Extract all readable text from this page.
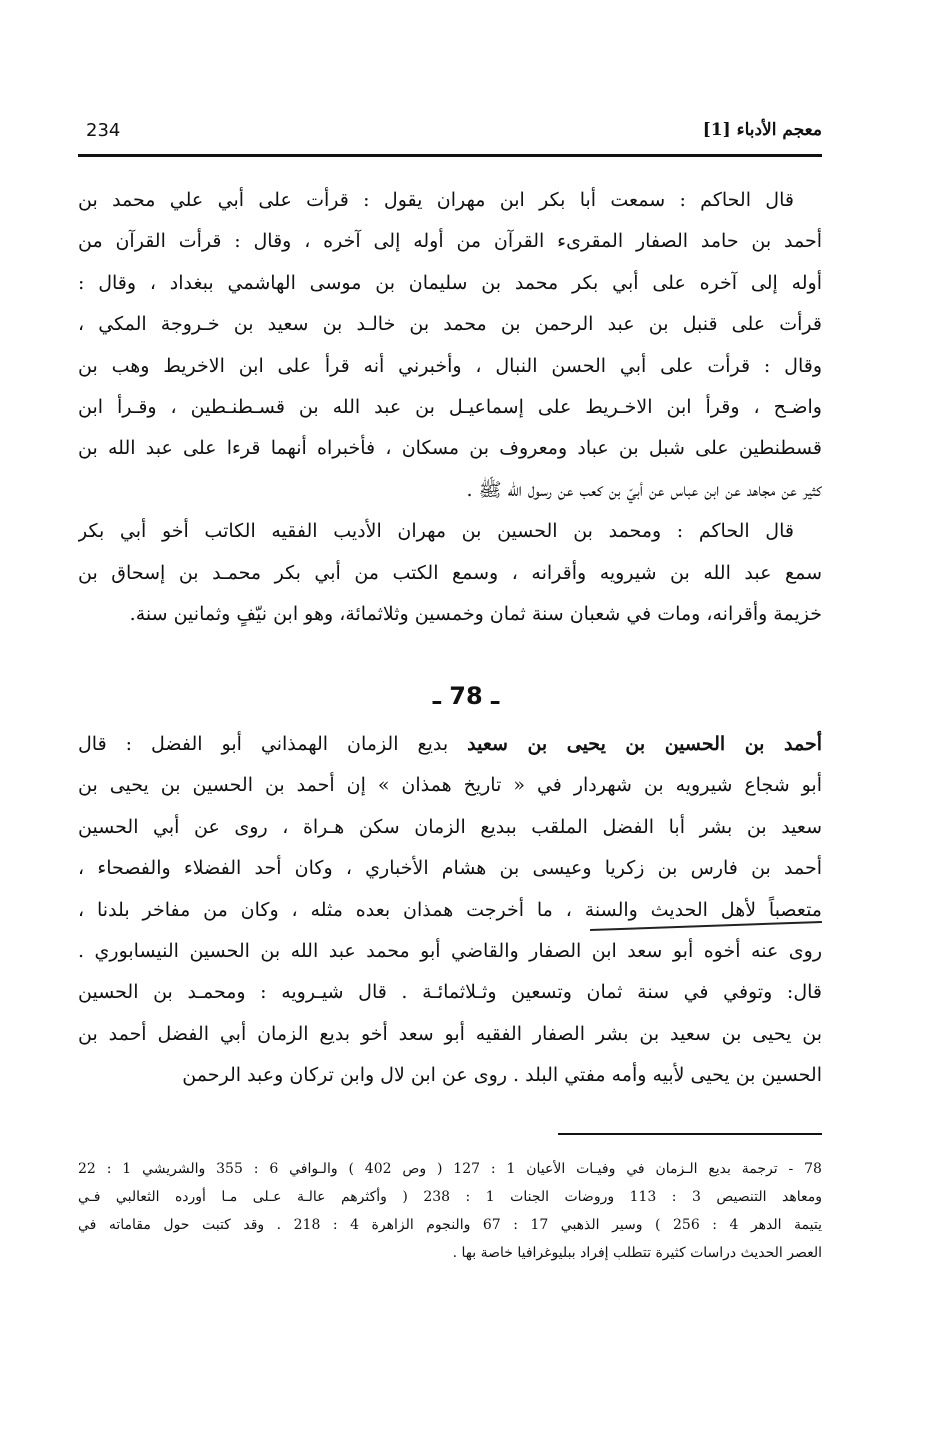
معجم الأدباء [1]
234
قال الحاكم : سمعت أبا بكر ابن مهران يقول : قرأت على أبي علي محمد بن
أحمد بن حامد الصفار المقرىء القرآن من أوله إلى آخره ، وقال : قرأت القرآن من
أوله إلى آخره على أبي بكر محمد بن سليمان بن موسى الهاشمي ببغداد ، وقال :
قرأت على قنبل بن عبد الرحمن بن محمد بن خالـد بن سعيد بن خـروجة المكي ،
وقال : قرأت على أبي الحسن النبال ، وأخبرني أنه قرأ على ابن الاخريط وهب بن
واضـح ، وقرأ ابن الاخـريط على إسماعيـل بن عبد الله بن قسـطنـطين ، وقـرأ ابن
قسطنطين على شبل بن عباد ومعروف بن مسكان ، فأخبراه أنهما قرءا على عبد الله بن
كثير عن مجاهد عن ابن عباس عن أبيّ بن كعب عن رسول الله ﷺ .
قال الحاكم : ومحمد بن الحسين بن مهران الأديب الفقيه الكاتب أخو أبي بكر
سمع عبد الله بن شيرويه وأقرانه ، وسمع الكتب من أبي بكر محمـد بن إسحاق بن
خزيمة وأقرانه، ومات في شعبان سنة ثمان وخمسين وثلاثمائة، وهو ابن نيّفٍ وثمانين سنة.
ـ 78 ـ
أحمد بن الحسين بن يحيى بن سعيد بديع الزمان الهمذاني أبو الفضل : قال
أبو شجاع شيرويه بن شهردار في « تاريخ همذان » إن أحمد بن الحسين بن يحيى بن
سعيد بن بشر أبا الفضل الملقب ببديع الزمان سكن هـراة ، روى عن أبي الحسين
أحمد بن فارس بن زكريا وعيسى بن هشام الأخباري ، وكان أحد الفضلاء والفصحاء ،
متعصباً لأهل الحديث والسنة ، ما أخرجت همذان بعده مثله ، وكان من مفاخر بلدنا ،
روى عنه أخوه أبو سعد ابن الصفار والقاضي أبو محمد عبد الله بن الحسين النيسابوري .
قال: وتوفي في سنة ثمان وتسعين وثـلاثمائـة . قال شيـرويه : ومحمـد بن الحسين
بن يحيى بن سعيد بن بشر الصفار الفقيه أبو سعد أخو بديع الزمان أبي الفضل أحمد بن
الحسين بن يحيى لأبيه وأمه مفتي البلد . روى عن ابن لال وابن تركان وعبد الرحمن
78 - ترجمة بديع الـزمان في وفيـات الأعيان 1 : 127 ( وص 402 ) والـوافي 6 : 355 والشريشي 1 : 22
ومعاهد التنصيص 3 : 113 وروضات الجنات 1 : 238 ( وأكثرهم عالـة عـلى مـا أورده الثعالبي فـي
يتيمة الدهر 4 : 256 ) وسير الذهبي 17 : 67 والنجوم الزاهرة 4 : 218 . وقد كتبت حول مقاماته في
العصر الحديث دراسات كثيرة تتطلب إفراد ببليوغرافيا خاصة بها .
